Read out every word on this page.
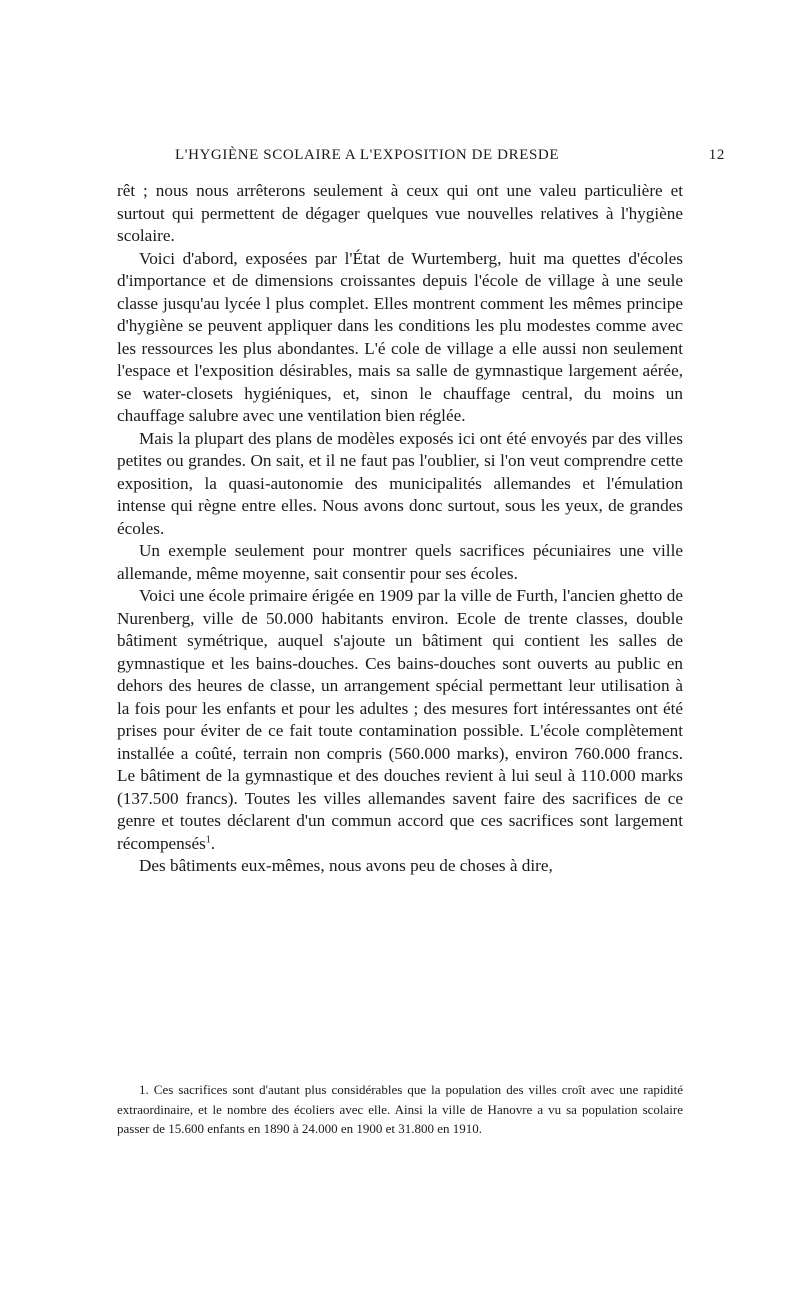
L'HYGIÈNE SCOLAIRE A L'EXPOSITION DE DRESDE	12

rêt ; nous nous arrêterons seulement à ceux qui ont une valeu particulière et surtout qui permettent de dégager quelques vue nouvelles relatives à l'hygiène scolaire.

Voici d'abord, exposées par l'État de Wurtemberg, huit ma quettes d'écoles d'importance et de dimensions croissantes depuis l'école de village à une seule classe jusqu'au lycée l plus complet. Elles montrent comment les mêmes principe d'hygiène se peuvent appliquer dans les conditions les plu modestes comme avec les ressources les plus abondantes. L'é cole de village a elle aussi non seulement l'espace et l'exposition désirables, mais sa salle de gymnastique largement aérée, se water-closets hygiéniques, et, sinon le chauffage central, du moins un chauffage salubre avec une ventilation bien réglée.

Mais la plupart des plans de modèles exposés ici ont été envoyés par des villes petites ou grandes. On sait, et il ne faut pas l'oublier, si l'on veut comprendre cette exposition, la quasi-autonomie des municipalités allemandes et l'émulation intense qui règne entre elles. Nous avons donc surtout, sous les yeux, de grandes écoles.

Un exemple seulement pour montrer quels sacrifices pécuniaires une ville allemande, même moyenne, sait consentir pour ses écoles.

Voici une école primaire érigée en 1909 par la ville de Furth, l'ancien ghetto de Nurenberg, ville de 50.000 habitants environ. Ecole de trente classes, double bâtiment symétrique, auquel s'ajoute un bâtiment qui contient les salles de gymnastique et les bains-douches. Ces bains-douches sont ouverts au public en dehors des heures de classe, un arrangement spécial permettant leur utilisation à la fois pour les enfants et pour les adultes ; des mesures fort intéressantes ont été prises pour éviter de ce fait toute contamination possible. L'école complètement installée a coûté, terrain non compris (560.000 marks), environ 760.000 francs. Le bâtiment de la gymnastique et des douches revient à lui seul à 110.000 marks (137.500 francs). Toutes les villes allemandes savent faire des sacrifices de ce genre et toutes déclarent d'un commun accord que ces sacrifices sont largement récompensés$^1$.

Des bâtiments eux-mêmes, nous avons peu de choses à dire,

1. Ces sacrifices sont d'autant plus considérables que la population des villes croît avec une rapidité extraordinaire, et le nombre des écoliers avec elle. Ainsi la ville de Hanovre a vu sa population scolaire passer de 15.600 enfants en 1890 à 24.000 en 1900 et 31.800 en 1910.
